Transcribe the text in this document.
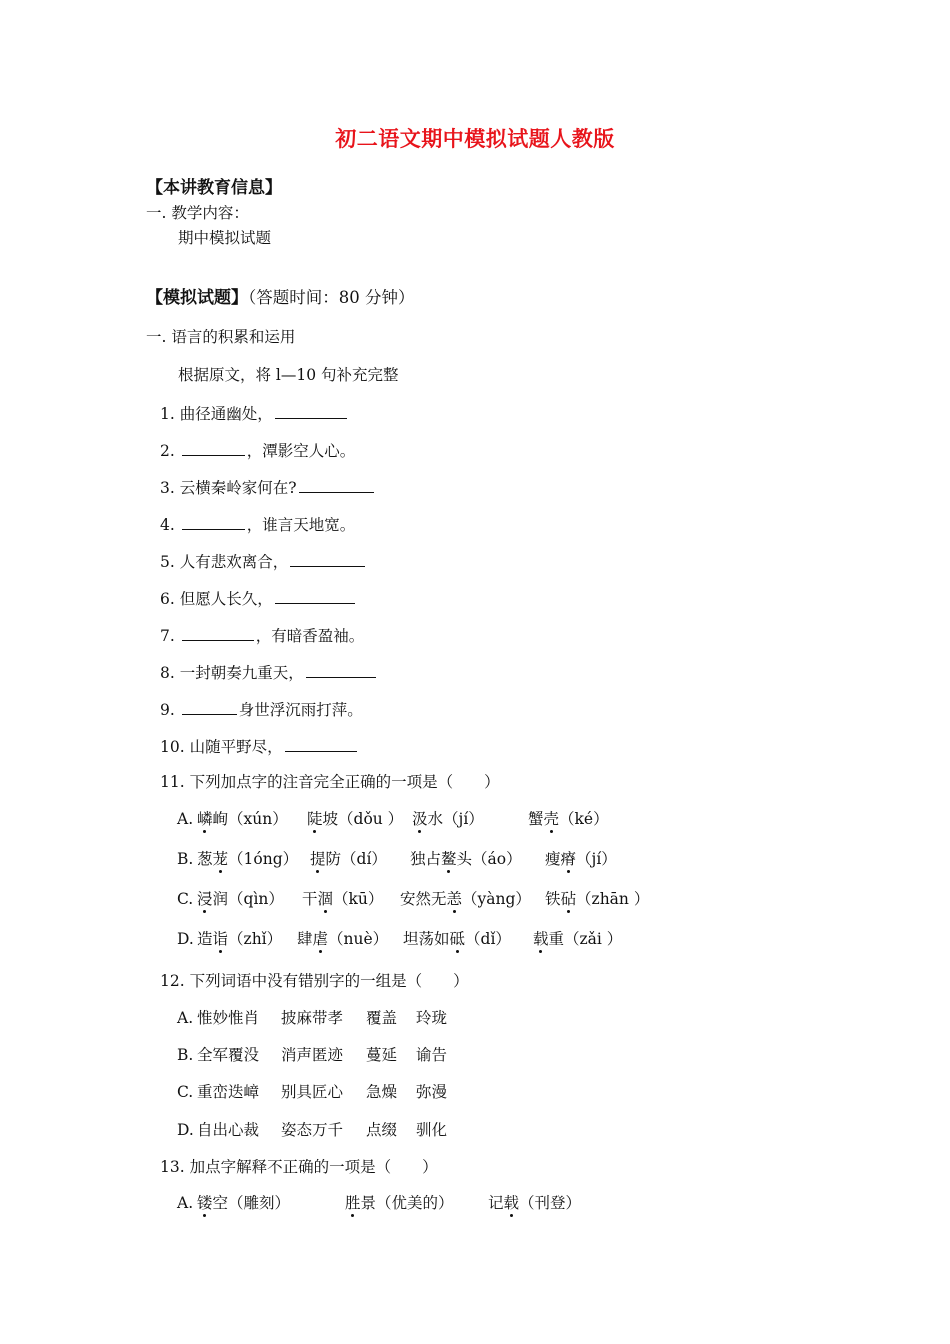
初二语文期中模拟试题人教版
【本讲教育信息】
一. 教学内容：
期中模拟试题
【模拟试题】（答题时间：80 分钟）
一. 语言的积累和运用
根据原文，将 l—10 句补充完整
1. 曲径通幽处，
2.	，潭影空人心。
3. 云横秦岭家何在?
4.	，谁言天地宽。
5. 人有悲欢离合，
6. 但愿人长久，
7.	，有暗香盈袖。
8. 一封朝奏九重天，
9.	身世浮沉雨打萍。
10. 山随平野尽，
11. 下列加点字的注音完全正确的一项是（　　）
A. 嶙峋（xún） 陡坡（dǒu ） 汲水（jí）	蟹壳（ké）
B. 葱茏（1óng） 提防（dí） 独占鳌头（áo） 瘦瘠（jí）
C. 浸润（qìn） 干涸（kū） 安然无恙（yàng） 铁砧（zhān ）
D. 造诣（zhǐ） 肆虐（nuè） 坦荡如砥（dǐ） 载重（zǎi ）
12. 下列词语中没有错别字的一组是（　　）
A. 惟妙惟肖 披麻带孝 覆盖 玲珑
B. 全军覆没 消声匿迹 蔓延 谕告
C. 重峦迭嶂 别具匠心 急燥 弥漫
D. 自出心裁 姿态万千 点缀 驯化
13. 加点字解释不正确的一项是（　　）
A. 镂空（雕刻）	胜景（优美的） 记载（刊登）
